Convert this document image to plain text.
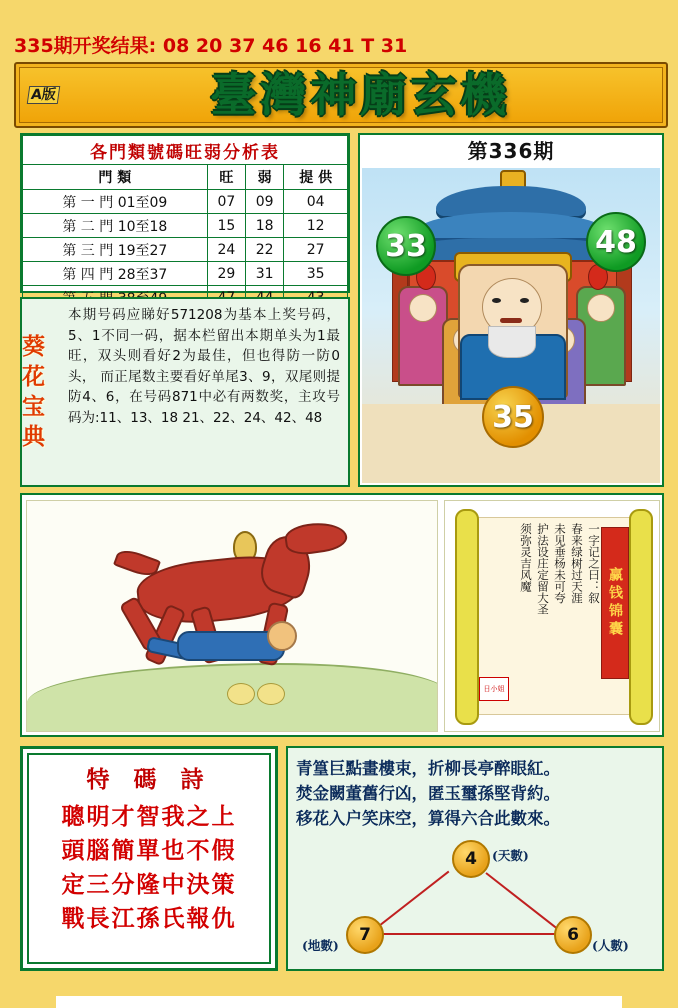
335期开奖结果: 08 20 37 46 16 41 T 31
A版	臺灣神廟玄機
各門類號碼旺弱分析表			
門 類	旺	弱	提 供
第 一 門 01至09	07	09	04
第 二 門 10至18	15	18	12
第 三 門 19至27	24	22	27
第 四 門 28至37	29	31	35

葵花宝典
本期号码应睇好571208为基本上奖号码，5、1不同一码，据本栏留出本期单头为1最旺，双头则看好2为最佳，但也得防一防0头， 而正尾数主要看好单尾3、9，双尾则提防4、6，在号码871中必有两数奖，主攻号码为:11、13、18 21、22、24、42、48
第336期
33	48
35
一字记之曰：叙
春来绿树过天涯
未见垂杨未可夸
护法设庄定留大圣
须弥灵吉风魔
赢钱锦囊
日小姐
特 碼 詩
聰明才智我之上
頭腦簡單也不假
定三分隆中決策
戰長江孫氏報仇
青篁巨點畫樓束，折柳長亭醉眼紅。
焚金闕董舊行凶，匿玉璽孫堅背約。
移花入户笑床空，算得六合此數來。
4
7	6
(天數)
(地數)	(人數)
